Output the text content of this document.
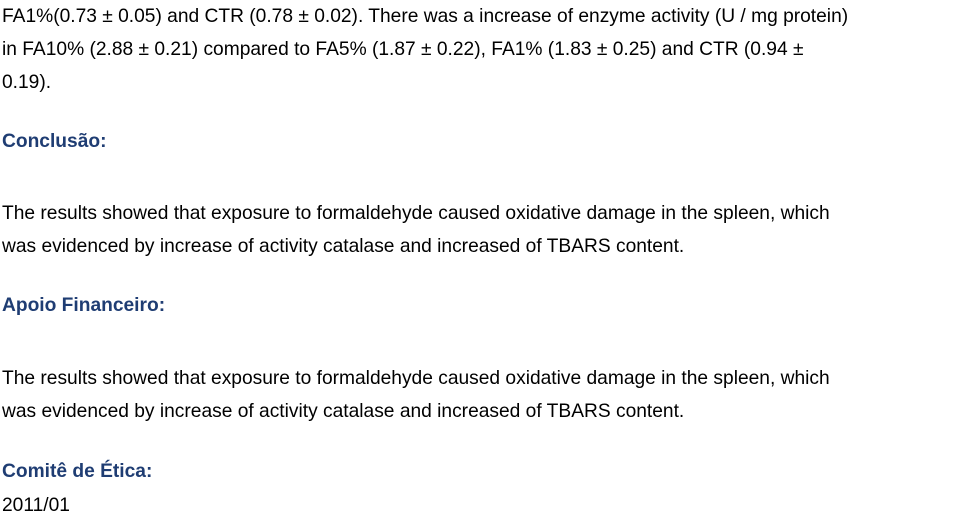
FA1%(0.73 ± 0.05) and CTR (0.78 ± 0.02). There was a increase of enzyme activity (U / mg protein)
in FA10% (2.88 ± 0.21) compared to FA5% (1.87 ± 0.22), FA1% (1.83 ± 0.25) and CTR (0.94 ±
0.19).

Conclusão:

The results showed that exposure to formaldehyde caused oxidative damage in the spleen, which
was evidenced by increase of activity catalase and increased of TBARS content.

Apoio Financeiro:

The results showed that exposure to formaldehyde caused oxidative damage in the spleen, which
was evidenced by increase of activity catalase and increased of TBARS content.

Comitê de Ética:

2011/01
